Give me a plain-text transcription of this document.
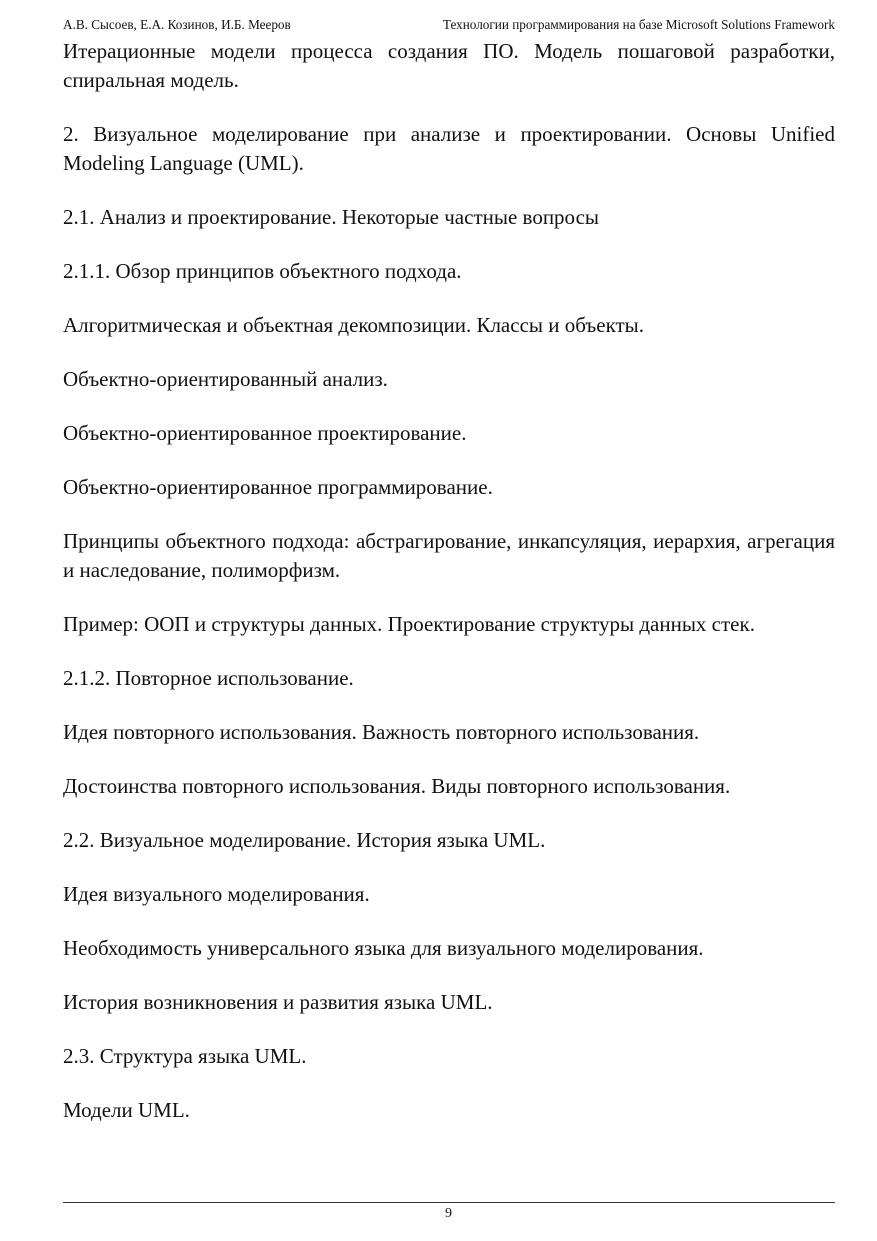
А.В. Сысоев, Е.А. Козинов, И.Б. Мееров	Технологии программирования на базе Microsoft Solutions Framework

Итерационные модели процесса создания ПО. Модель пошаговой разработки, спиральная модель.

2. Визуальное моделирование при анализе и проектировании. Основы Unified Modeling Language (UML).

2.1. Анализ и проектирование. Некоторые частные вопросы

2.1.1. Обзор принципов объектного подхода.

Алгоритмическая и объектная декомпозиции. Классы и объекты.

Объектно-ориентированный анализ.

Объектно-ориентированное проектирование.

Объектно-ориентированное программирование.

Принципы объектного подхода: абстрагирование, инкапсуляция, иерархия, агрегация и наследование, полиморфизм.

Пример: ООП и структуры данных. Проектирование структуры данных стек.

2.1.2. Повторное использование.

Идея повторного использования. Важность повторного использования.

Достоинства повторного использования. Виды повторного использования.

2.2. Визуальное моделирование. История языка UML.

Идея визуального моделирования.

Необходимость универсального языка для визуального моделирования.

История возникновения и развития языка UML.

2.3. Структура языка UML.

Модели UML.

9
